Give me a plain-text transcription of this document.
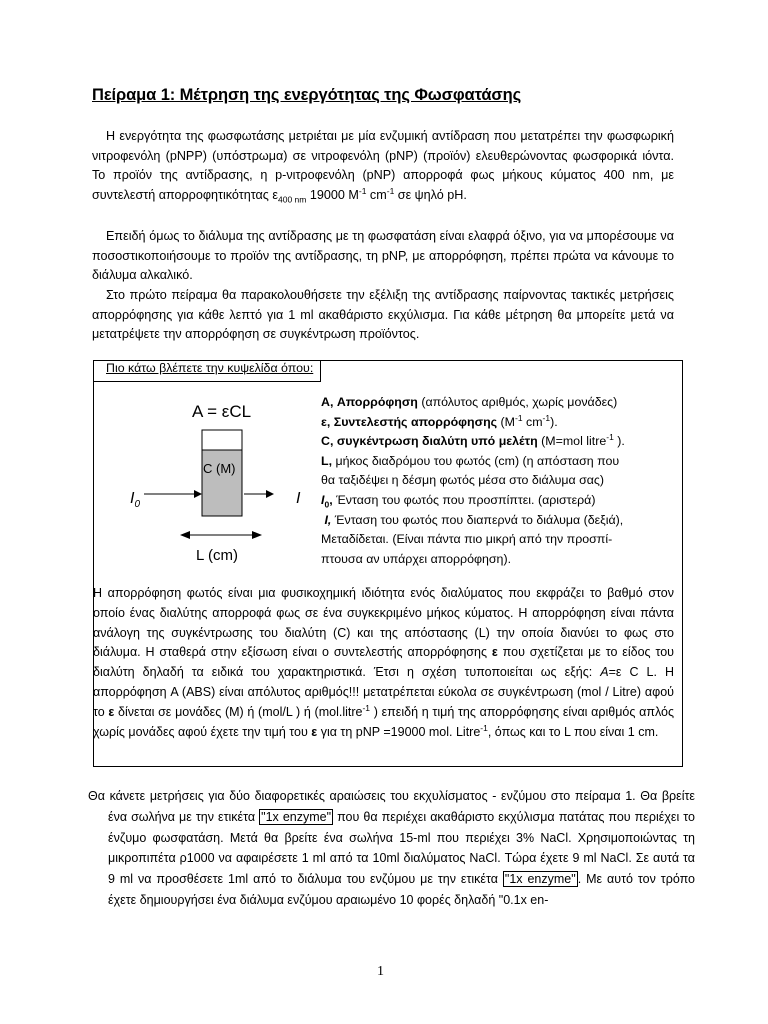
Πείραμα 1: Μέτρηση της ενεργότητας της Φωσφατάσης
Η ενεργότητα της φωσφωτάσης μετριέται με μία ενζυμική αντίδραση που μετατρέπει την φωσφωρική νιτροφενόλη (pNPP) (υπόστρωμα) σε νιτροφενόλη (pNP) (προϊόν) ελευθερώνοντας φωσφορικά ιόντα. Το προϊόν της αντίδρασης, η p-νιτροφενόλη (pNP) απορροφά φως μήκους κύματος 400 nm, με συντελεστή απορροφητικότητας $\varepsilon_{400 nm}$ 19000 $M^{-1}$ $cm^{-1}$ σε ψηλό pH.
Επειδή όμως το διάλυμα της αντίδρασης με τη φωσφατάση είναι ελαφρά όξινο, για να μπορέσουμε να ποσοστικοποιήσουμε το προϊόν της αντίδρασης, τη pNP, με απορρόφηση, πρέπει πρώτα να κάνουμε το διάλυμα αλκαλικό.
Στο πρώτο πείραμα θα παρακολουθήσετε την εξέλιξη της αντίδρασης παίρνοντας τακτικές μετρήσεις απορρόφησης για κάθε λεπτό για 1 ml ακαθάριστο εκχύλισμα. Για κάθε μέτρηση θα μπορείτε μετά να μετατρέψετε την απορρόφηση σε συγκέντρωση προϊόντος.
Πιο κάτω βλέπετε την κυψελίδα όπου:
A = εCL
C (M)
$I_0$	I
L (cm)
A, Απορρόφηση (απόλυτος αριθμός, χωρίς μονάδες)
ε, Συντελεστής απορρόφησης ($M^{-1}$ $cm^{-1}$).
C, συγκέντρωση διαλύτη υπό μελέτη (M=mol litre$^{-1}$ ).
L, μήκος διαδρόμου του φωτός (cm) (η απόσταση που
θα ταξιδέψει η δέσμη φωτός μέσα στο διάλυμα σας)
$I_0$, Ένταση του φωτός που προσπίπτει. (αριστερά)
I, Ένταση του φωτός που διαπερνά το διάλυμα (δεξιά),
Μεταδίδεται. (Είναι πάντα πιο μικρή από την προσπί-
πτουσα αν υπάρχει απορρόφηση).
Η απορρόφηση φωτός είναι μια φυσικοχημική ιδιότητα ενός διαλύματος που εκφράζει το βαθμό στον οποίο ένας διαλύτης απορροφά φως σε ένα συγκεκριμένο μήκος κύματος. Η απορρόφηση είναι πάντα ανάλογη της συγκέντρωσης του διαλύτη (C) και της απόστασης (L) την οποία διανύει το φως στο διάλυμα. Η σταθερά στην εξίσωση είναι ο συντελεστής απορρόφησης ε που σχετίζεται με το είδος του διαλύτη δηλαδή τα ειδικά του χαρακτηριστικά. Έτσι η σχέση τυποποιείται ως εξής: A=ε C L. Η απορρόφηση A (ABS) είναι απόλυτος αριθμός!!! μετατρέπεται εύκολα σε συγκέντρωση (mol / Litre) αφού το ε δίνεται σε μονάδες (M) ή (mol/L ) ή (mol.litre$^{-1}$ ) επειδή η τιμή της απορρόφησης είναι αριθμός απλός χωρίς μονάδες αφού έχετε την τιμή του ε για τη pNP =19000 mol. Litre$^{-1}$, όπως και το L που είναι 1 cm.
Θα κάνετε μετρήσεις για δύο διαφορετικές αραιώσεις του εκχυλίσματος - ενζύμου στο πείραμα 1. Θα βρείτε ένα σωλήνα με την ετικέτα "1x enzyme" που θα περιέχει ακαθάριστο εκχύλισμα πατάτας που περιέχει το ένζυμο φωσφατάση. Μετά θα βρείτε ένα σωλήνα 15-ml που περιέχει 3% NaCl. Χρησιμοποιώντας τη μικροπιπέτα ρ1000 να αφαιρέσετε 1 ml από τα 10ml διαλύματος NaCl. Τώρα έχετε 9 ml NaCl. Σε αυτά τα 9 ml να προσθέσετε 1ml από το διάλυμα του ενζύμου με την ετικέτα "1x enzyme" . Με αυτό τον τρόπο έχετε δημιουργήσει ένα διάλυμα ενζύμου αραιωμένο 10 φορές δηλαδή "0.1x en-
1
